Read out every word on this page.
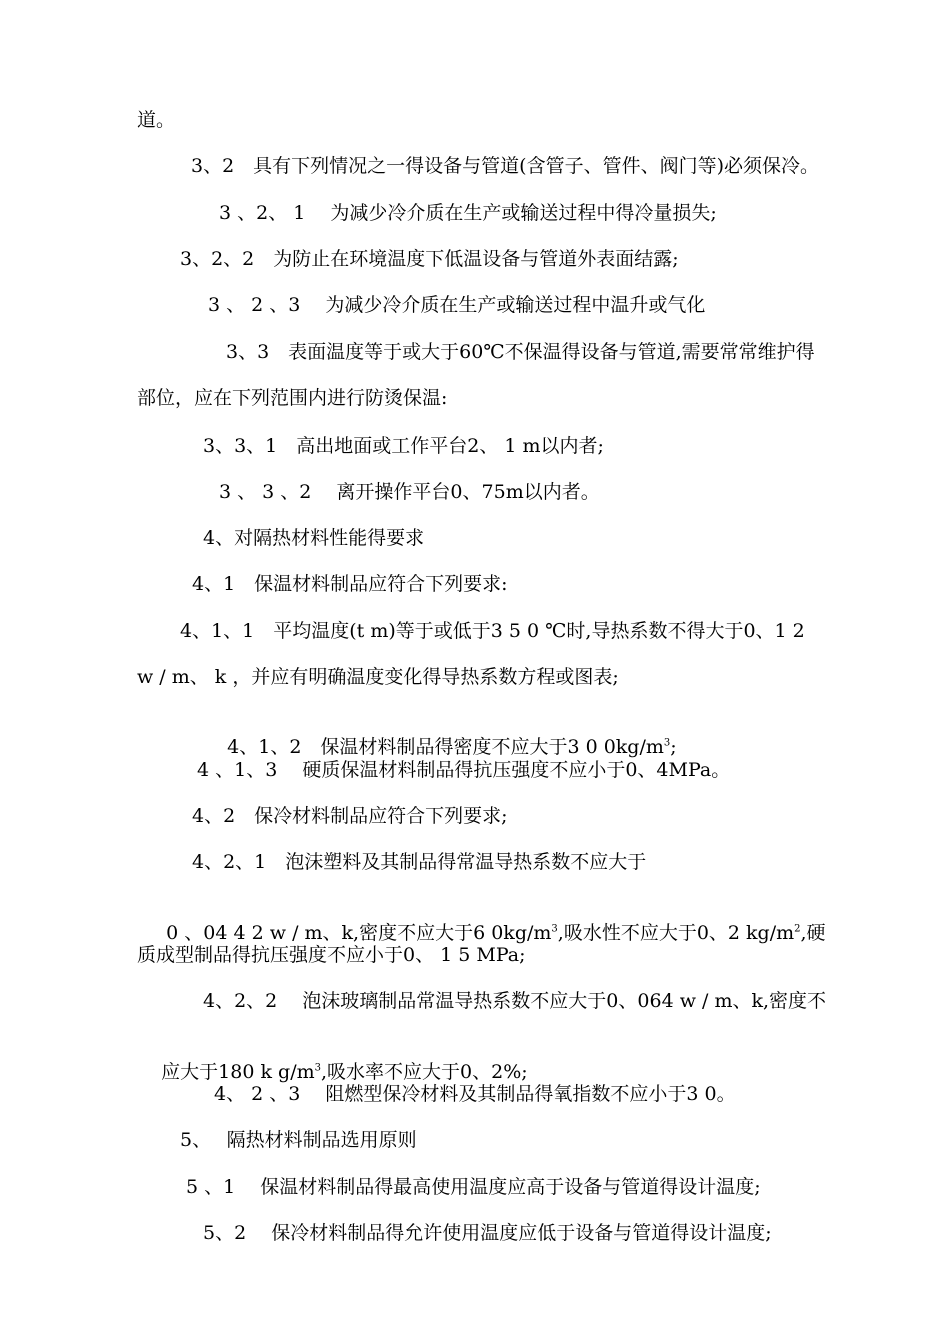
道。
3、2　具有下列情况之一得设备与管道(含管子、管件、阀门等)必须保冷。
3 、2、 1　 为减少冷介质在生产或输送过程中得冷量损失;
3、2、2　为防止在环境温度下低温设备与管道外表面结露;
3 、 2 、3　 为减少冷介质在生产或输送过程中温升或气化
3、3　表面温度等于或大于60℃不保温得设备与管道,需要常常维护得
部位，应在下列范围内进行防烫保温:
3、3、1　高出地面或工作平台2、 1 m以内者;
3 、 3 、2　 离开操作平台0、75m以内者。
4、对隔热材料性能得要求
4、1　保温材料制品应符合下列要求:
4、1、1　平均温度(t m)等于或低于3 5 0 ℃时,导热系数不得大于0、1 2
w / m、 k ，并应有明确温度变化得导热系数方程或图表;

4、1、2　保温材料制品得密度不应大于3 0 $0kg/m^3$;

4 、1、3　 硬质保温材料制品得抗压强度不应小于0、4MPa。
4、2　保冷材料制品应符合下列要求;
4、2、1　泡沫塑料及其制品得常温导热系数不应大于

0 、04 4 2 w / m、k,密度不应大于6 $0kg/m^3$,吸水性不应大于0、2 $kg/m^2$,硬

质成型制品得抗压强度不应小于0、 1 5 MPa;
4、2、2　 泡沫玻璃制品常温导热系数不应大于0、064 w / m、k,密度不

应大于180 k $g/m^3$,吸水率不应大于0、2%;

4、 2 、3　 阻燃型保冷材料及其制品得氧指数不应小于3 0。
5、　 隔热材料制品选用原则
5 、1　 保温材料制品得最高使用温度应高于设备与管道得设计温度;
5、2　 保冷材料制品得允许使用温度应低于设备与管道得设计温度;
